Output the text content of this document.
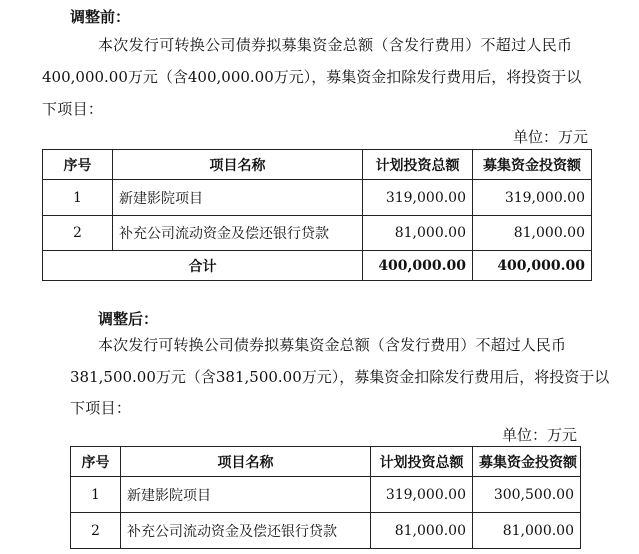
调整前：
本次发行可转换公司债券拟募集资金总额（含发行费用）不超过人民币
400,000.00万元（含400,000.00万元），募集资金扣除发行费用后，将投资于以
下项目：
单位：万元
序号	项目名称	计划投资总额	募集资金投资额
1	新建影院项目	319,000.00	319,000.00
2	补充公司流动资金及偿还银行贷款	81,000.00	81,000.00
合计		400,000.00	400,000.00
调整后：
本次发行可转换公司债券拟募集资金总额（含发行费用）不超过人民币
381,500.00万元（含381,500.00万元），募集资金扣除发行费用后，将投资于以
下项目：
单位：万元
序号	项目名称	计划投资总额	募集资金投资额
1	新建影院项目	319,000.00	300,500.00
2	补充公司流动资金及偿还银行贷款	81,000.00	81,000.00
